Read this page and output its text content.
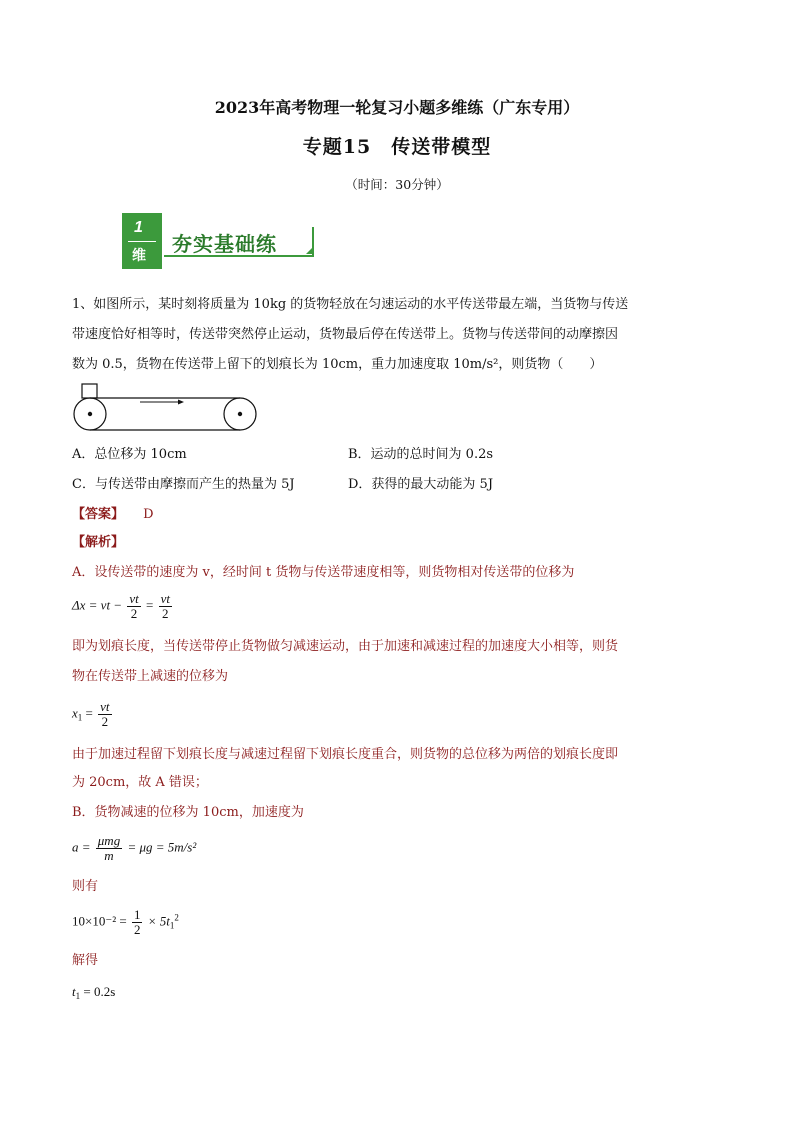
2023年高考物理一轮复习小题多维练（广东专用）
专题15　传送带模型
（时间：30分钟）
1
维 夯实基础练
1、如图所示，某时刻将质量为 10kg 的货物轻放在匀速运动的水平传送带最左端，当货物与传送
带速度恰好相等时，传送带突然停止运动，货物最后停在传送带上。货物与传送带间的动摩擦因
数为 0.5，货物在传送带上留下的划痕长为 10cm，重力加速度取 10m/s²，则货物（　　）
A．总位移为 10cm	B．运动的总时间为 0.2s
C．与传送带由摩擦而产生的热量为 5J	D．获得的最大动能为 5J
【答案】 D
【解析】
A．设传送带的速度为 v，经时间 t 货物与传送带速度相等，则货物相对传送带的位移为
Δx = vt − $\frac{vt}{2} = \frac{vt}{2}$
即为划痕长度，当传送带停止货物做匀减速运动，由于加速和减速过程的加速度大小相等，则货
物在传送带上减速的位移为
$x_1 = \frac{vt}{2}$
由于加速过程留下划痕长度与减速过程留下划痕长度重合，则货物的总位移为两倍的划痕长度即
为 20cm，故 A 错误；
B．货物减速的位移为 10cm，加速度为
$a = \frac{\text{μmg}}{m} = \mu g = 5m/s^2$
则有
$10\times 10^{-2} = \frac{1}{2} \times 5t_1^2$
解得
$t_1 = 0.2s$
